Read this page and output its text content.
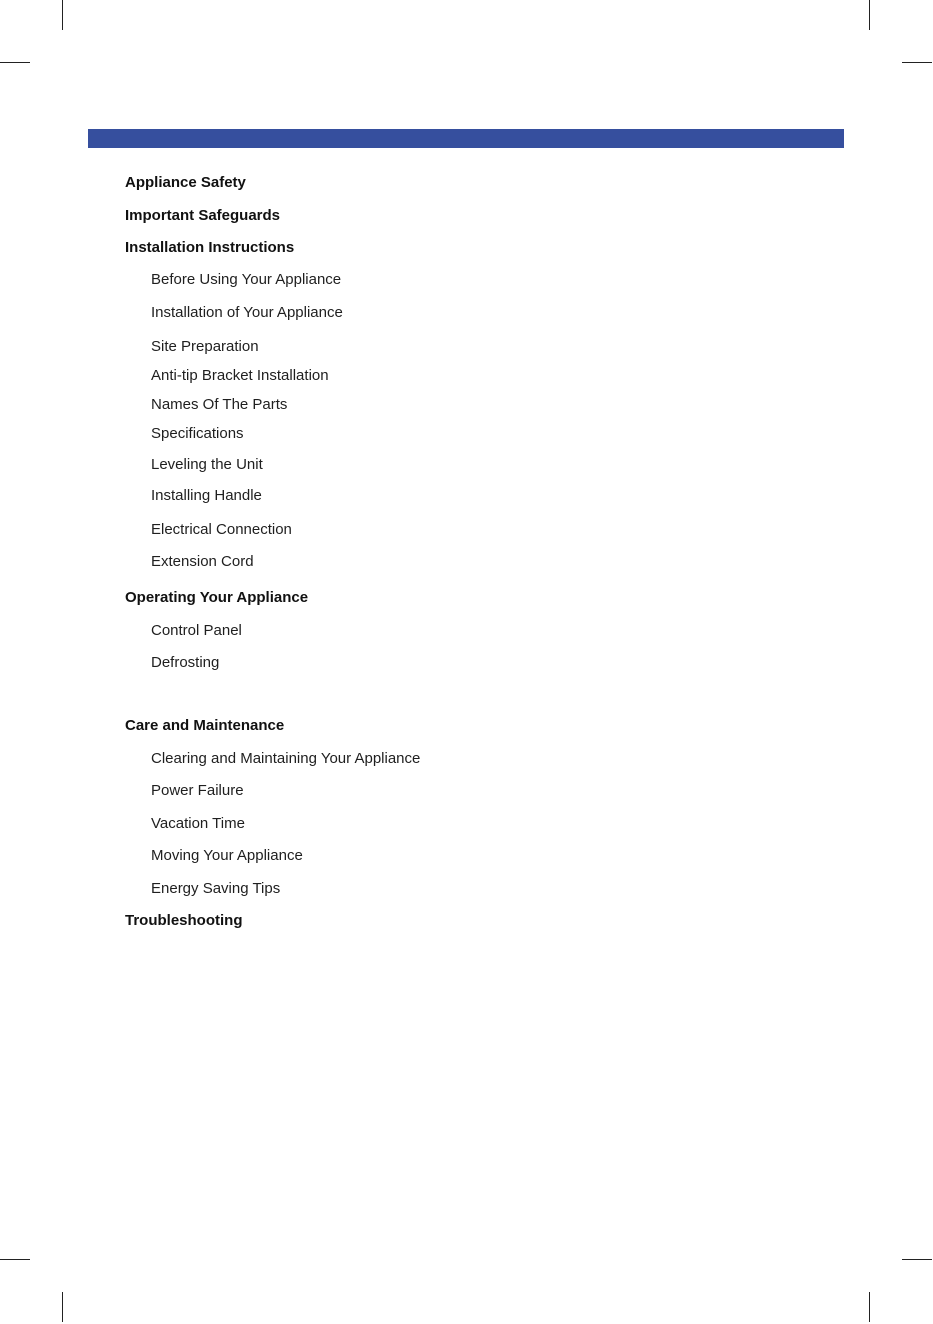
Appliance Safety
Important Safeguards
Installation Instructions
Before Using Your Appliance
Installation of Your Appliance
Site Preparation
Anti-tip Bracket Installation
Names Of The Parts
Specifications
Leveling the Unit
Installing Handle
Electrical Connection
Extension Cord
Operating Your Appliance
Control Panel
Defrosting
Care and Maintenance
Clearing and Maintaining Your Appliance
Power Failure
Vacation Time
Moving Your Appliance
Energy Saving Tips
Troubleshooting
